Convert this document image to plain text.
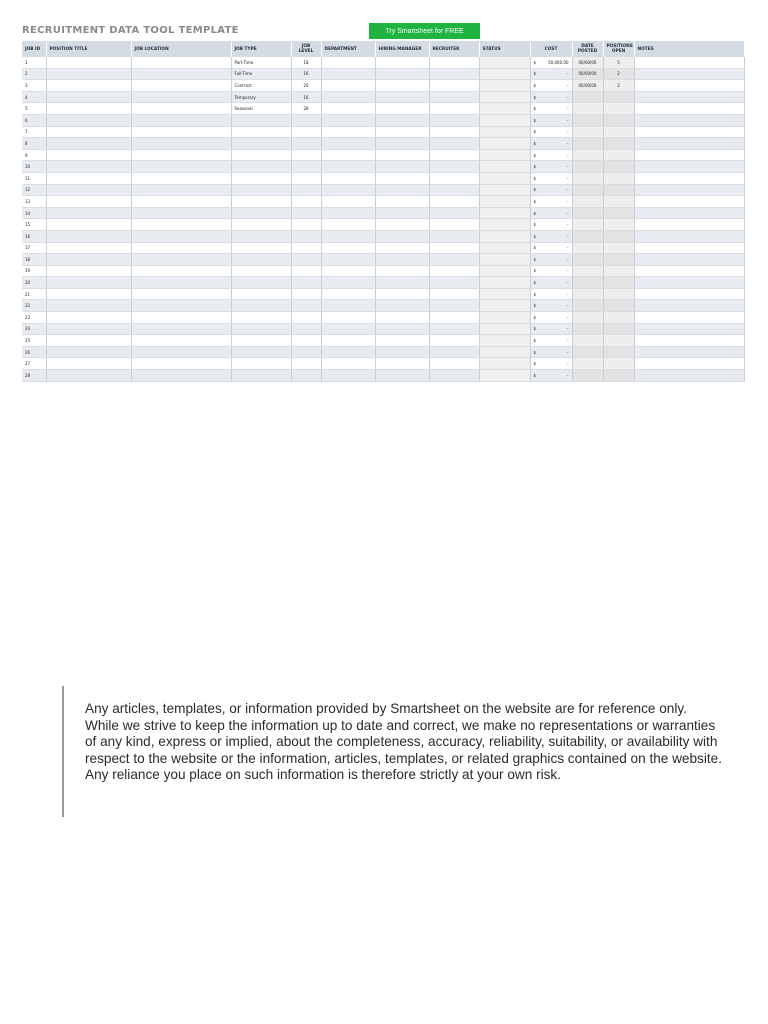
RECRUITMENT DATA TOOL TEMPLATE	Try Smartsheet for FREE
JOB ID	POSITION TITLE	JOB LOCATION	JOB TYPE	JOB LEVEL	DEPARTMENT	HIRING MANAGER	RECRUITER	STATUS	COST	DATE POSTED	POSITIONS OPEN	NOTES
1			Part-Time	18					$ 50,000.00	00/00/00	5	
2			Full-Time	16					$ -	00/00/00	2	
3			Contract	20					$ -	00/00/00	2	
4			Temporary	16					$ -			

5			Seasonal	28					$ -			

6									$ -			

7									$ -			

8									$ -			

9									$ -			

10									$ -			

11									$ -			

12									$ -			

13									$ -			

14									$ -			

15									$ -			

16									$ -			

17									$ -			

18									$ -			

19									$ -			

20									$ -			

21									$ -			

22									$ -			

23									$ -			

24									$ -			

25									$ -			

26									$ -			

27									$ -			

28									$ -			

Any articles, templates, or information provided by Smartsheet on the website are for reference only. While we strive to keep the information up to date and correct, we make no representations or warranties of any kind, express or implied, about the completeness, accuracy, reliability, suitability, or availability with respect to the website or the information, articles, templates, or related graphics contained on the website. Any reliance you place on such information is therefore strictly at your own risk.
